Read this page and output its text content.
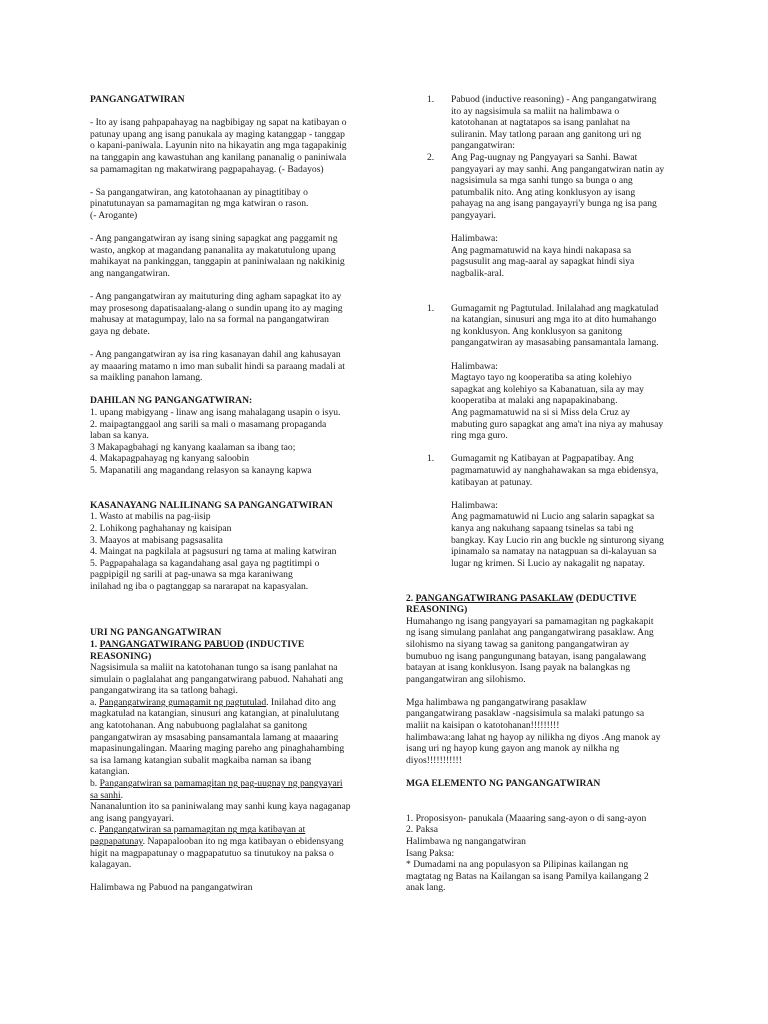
PANGANGATWIRAN

- Ito ay isang pahpapahayag na nagbibigay ng sapat na katibayan o
patunay upang ang isang panukala ay maging katanggap - tanggap
o kapani-paniwala. Layunin nito na hikayatin ang mga tagapakinig
na tanggapin ang kawastuhan ang kanilang pananalig o paniniwala
sa pamamagitan ng makatwirang pagpapahayag. (- Badayos)

- Sa pangangatwiran, ang katotohaanan ay pinagtitibay o
pinatutunayan sa pamamagitan ng mga katwiran o rason.
(- Arogante)

- Ang pangangatwiran ay isang sining sapagkat ang paggamit ng
wasto, angkop at magandang pananalita ay makatutulong upang
mahikayat na pankinggan, tanggapin at paniniwalaan ng nakikinig
ang nangangatwiran.

- Ang pangangatwiran ay maituturing ding agham sapagkat ito ay
may prosesong dapatisaalang-alang o sundin upang ito ay maging
mahusay at matagumpay, lalo na sa formal na pangangatwiran
gaya ng debate.

- Ang pangangatwiran ay isa ring kasanayan dahil ang kahusayan
ay maaaring matamo n imo man subalit hindi sa paraang madali at
sa maikling panahon lamang.

DAHILAN NG PANGANGATWIRAN:

1. upang mabigyang - linaw ang isang mahalagang usapin o isyu.
2. maipagtanggaol ang sarili sa mali o masamang propaganda
laban sa kanya.
3 Makapagbahagi ng kanyang kaalaman sa ibang tao;
4. Makapagpahayag ng kanyang saloobin
5. Mapanatili ang magandang relasyon sa kanayng kapwa

KASANAYANG NALILINANG SA PANGANGATWIRAN

1. Wasto at mabilis na pag-iisip
2. Lohikong paghahanay ng kaisipan
3. Maayos at mabisang pagsasalita
4. Maingat na pagkilala at pagsusuri ng tama at maling katwiran
5. Pagpapahalaga sa kagandahang asal gaya ng pagtitimpi o
pagpipigil ng sarili at pag-unawa sa mga karaniwang
inilahad ng iba o pagtanggap sa nararapat na kapasyalan.

URI NG PANGANGATWIRAN

1. PANGANGATWIRANG PABUOD (INDUCTIVE
REASONING)

Nagsisimula sa maliit na katotohanan tungo sa isang panlahat na
simulain o paglalahat ang pangangatwirang pabuod. Nahahati ang
pangangatwirang ita sa tatlong bahagi.

a. Pangangatwirang gumagamit ng pagtutulad. Inilahad dito ang
magkatulad na katangian, sinusuri ang katangian, at pinalulutang
ang katotohanan. Ang nabubuong paglalahat sa ganitong
pangangatwiran ay msasabing pansamantala lamang at maaaring
mapasinungalingan. Maaring maging pareho ang pinaghahambing
sa isa lamang katangian subalit magkaiba naman sa ibang
katangian.

b. Pangangatwiran sa pamamagitan ng pag-uugnay ng pangyayari
sa sanhi.
Nananaluntion ito sa paniniwalang may sanhi kung kaya nagaganap
ang isang pangyayari.

c. Pangangatwiran sa pamamagitan ng mga katibayan at
pagpapatunay. Napapalooban ito ng mga katibayan o ebidensyang
higit na magpapatunay o magpapatutuo sa tinutukoy na paksa o
kalagayan.

Halimbawa ng Pabuod na pangangatwiran

1. Pabuod (inductive reasoning) - Ang pangangatwirang
ito ay nagsisimula sa maliit na halimbawa o
katotohanan at nagtatapos sa isang panlahat na
suliranin. May tatlong paraan ang ganitong uri ng
pangangatwiran:

2. Ang Pag-uugnay ng Pangyayari sa Sanhi. Bawat
pangyayari ay may sanhi. Ang pangangatwiran natin ay
nagsisimula sa mga sanhi tungo sa bunga o ang
patumbalik nito. Ang ating konklusyon ay isang
pahayag na ang isang pangayayri'y bunga ng isa pang
pangyayari.

Halimbawa:
Ang pagmamatuwid na kaya hindi nakapasa sa
pagsusulit ang mag-aaral ay sapagkat hindi siya
nagbalik-aral.

1. Gumagamit ng Pagtutulad. Inilalahad ang magkatulad
na katangian, sinusuri ang mga ito at dito humahango
ng konklusyon. Ang konklusyon sa ganitong
pangangatwiran ay masasabing pansamantala lamang.

Halimbawa:
Magtayo tayo ng kooperatiba sa ating kolehiyo
sapagkat ang kolehiyo sa Kabanatuan, sila ay may
kooperatiba at malaki ang napapakinabang.
Ang pagmamatuwid na si si Miss dela Cruz ay
mabuting guro sapagkat ang ama't ina niya ay mahusay
ring mga guro.

1. Gumagamit ng Katibayan at Pagpapatibay. Ang
pagmamatuwid ay nanghahawakan sa mga ebidensya,
katibayan at patunay.

Halimbawa:
Ang pagmamatuwid ni Lucio ang salarin sapagkat sa
kanya ang nakuhang sapaang tsinelas sa tabi ng
bangkay. Kay Lucio rin ang buckle ng sinturong siyang
ipinamalo sa namatay na natagpuan sa di-kalayuan sa
lugar ng krimen. Si Lucio ay nakagalit ng napatay.

2. PANGANGATWIRANG PASAKLAW (DEDUCTIVE
REASONING)

Humahango ng isang pangyayari sa pamamagitan ng pagkakapit
ng isang simulang panlahat ang pangangatwirang pasaklaw. Ang
silohismo na siyang tawag sa ganitong pangangatwiran ay
bumubuo ng isang pangungunang batayan, isang pangalawang
batayan at isang konklusyon. Isang payak na balangkas ng
pangangatwiran ang silohismo.

Mga halimbawa ng pangangatwirang pasaklaw
pangangatwirang pasaklaw -nagsisimula sa malaki patungo sa
maliit na kaisipan o katotohanan!!!!!!!!!
halimbawa:ang lahat ng hayop ay nilikha ng diyos .Ang manok ay
isang uri ng hayop kung gayon ang manok ay nilkha ng
diyos!!!!!!!!!!!

MGA ELEMENTO NG PANGANGATWIRAN

1. Proposisyon- panukala (Maaaring sang-ayon o di sang-ayon
2. Paksa
Halimbawa ng nangangatwiran
Isang Paksa:
* Dumadami na ang populasyon sa Pilipinas kailangan ng
magtatag ng Batas na Kailangan sa isang Pamilya kailangang 2
anak lang.
